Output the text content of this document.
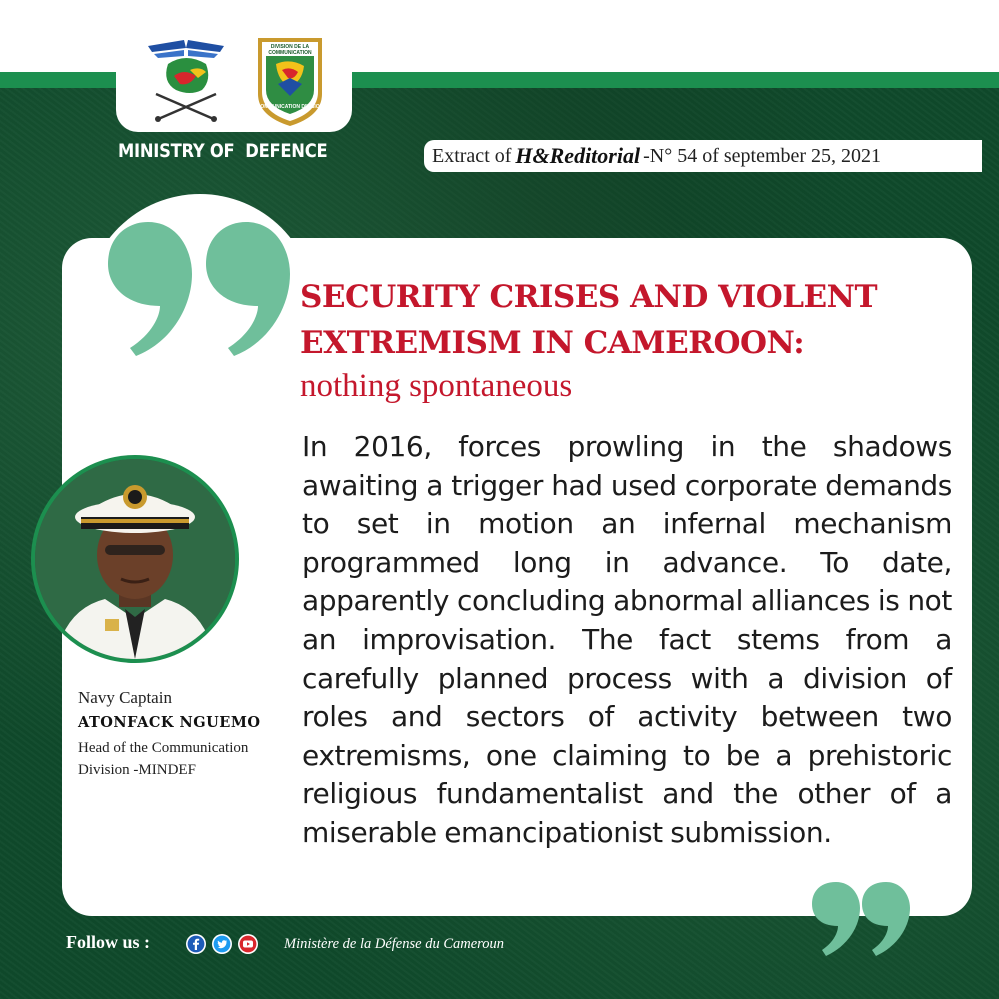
DIVISION DE LA COMMUNICATION
COMMUNICATION DIVISION
MINISTRY OF  DEFENCE	Extract of H&Reditorial -N° 54 of september 25, 2021
SECURITY CRISES AND VIOLENT EXTREMISM IN CAMEROON:
nothing spontaneous
In 2016, forces prowling in the shadows awaiting a trigger had used corporate demands to set in motion an infernal mechanism programmed long in advance. To date, apparently concluding abnormal alliances is not an improvisation. The fact stems from a carefully planned process with a division of roles and sectors of activity between two extremisms, one claiming to be a prehistoric religious fundamentalist and the other of a miserable emancipationist submission.
Navy Captain
ATONFACK NGUEMO
Head of the Communication
Division -MINDEF
Follow us :	Ministère de la Défense du Cameroun
